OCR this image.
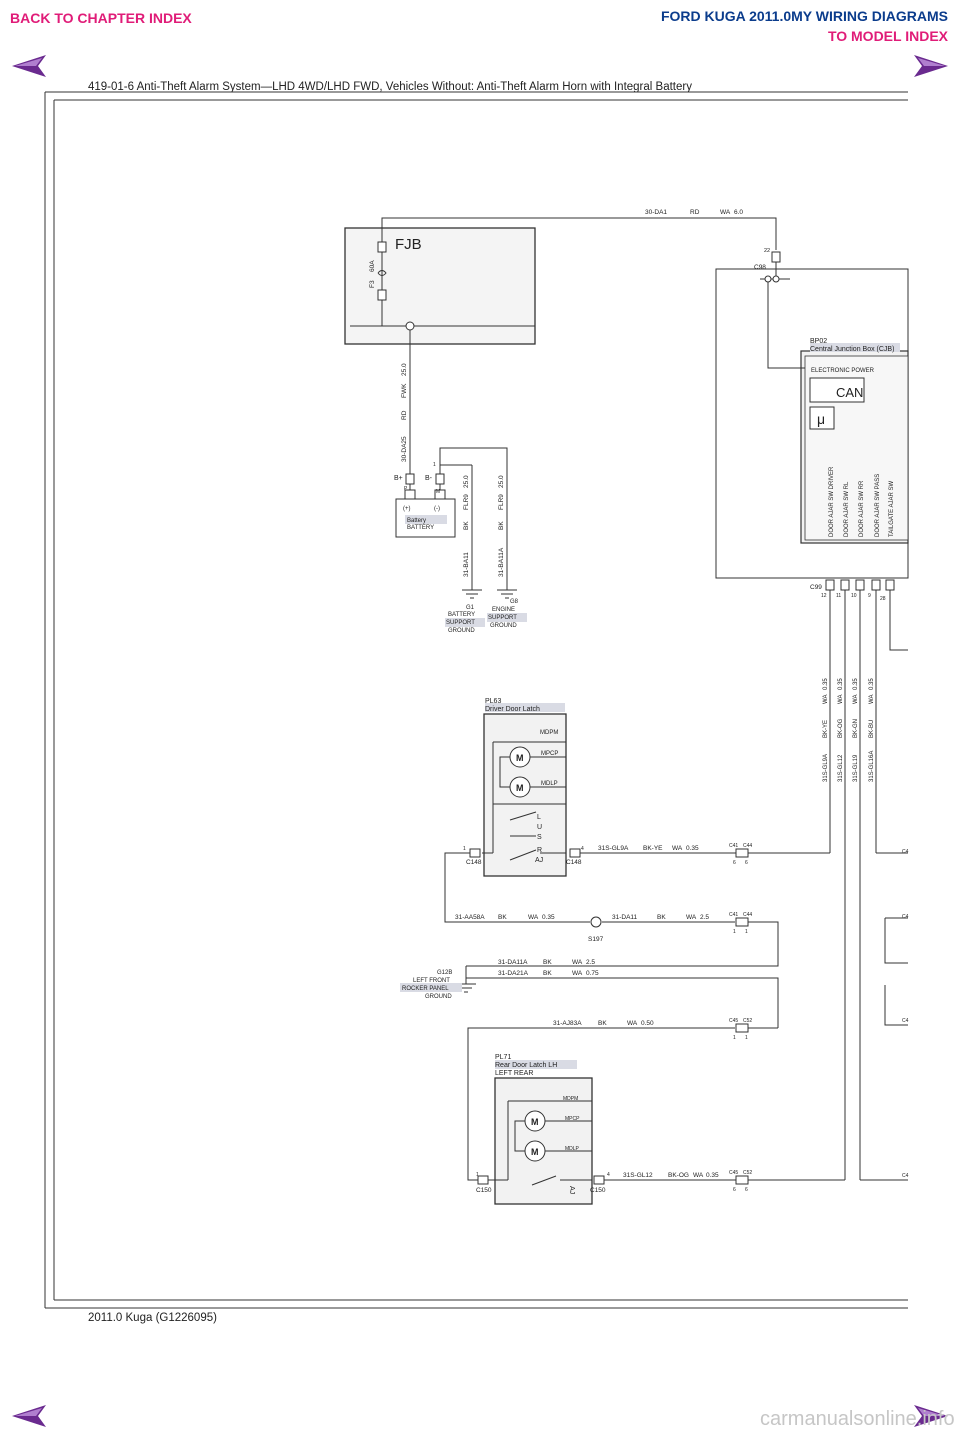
BACK TO CHAPTER INDEX	FORD KUGA 2011.0MY WIRING DIAGRAMS
TO MODEL INDEX
419-01-6 Anti-Theft Alarm System—LHD 4WD/LHD FWD, Vehicles Without: Anti-Theft Alarm Horn with Integral Battery
FJB
F3
60A
30-DA1	RD	WA 6.0
22
C98
BP02
Central Junction Box (CJB)
ELECTRONIC POWER
CAN
μ
DOOR AJAR SW DRIVER DOOR AJAR SW RL DOOR AJAR SW RR DOOR AJAR SW PASS TAILGATE AJAR SW
C99
12 11 10 9 28
30-DA25
RD
FWK
25.0
B+	B-
P	M
1
(+)	(-)
Battery
BATTERY
31-BA11
BK
FLR9
25.0
31-BA11A
BK
FLR9
25.0
G1
BATTERY
SUPPORT
GROUND
G8
ENGINE
SUPPORT
GROUND
31S-GL9A
BK-YE
WA
0.35
31S-GL12
BK-OG
WA
0.35
31S-GL19
BK-GN
WA
0.35
31S-GL16A
BK-BU
WA
0.35
PL63
Driver Door Latch
MDPM
MPCP
MDLP
M
M
L
U
S
R
AJ
C148	C148
1	4 31S-GL9A BK-YE WA 0.35	C41 C44
6 6
31-AA58A BK	WA 0.35
S197
31-DA11	BK	WA 2.5	C41 C44
1 1
31-DA11A BK	WA 2.5
31-DA21A BK	WA 0.75
G12B
LEFT FRONT
ROCKER PANEL
GROUND
31-AJ83A	BK	WA 0.50	C45 C52
1 1
PL71
Rear Door Latch LH
LEFT REAR
MDPM
MPCP
MDLP
M
M
AJ
C150	C150
1	4 31S-GL12 BK-OG WA 0.35 C45 C52
6 6
C4
C4
C4
C4
2011.0 Kuga (G1226095)
carmanualsonline.info
